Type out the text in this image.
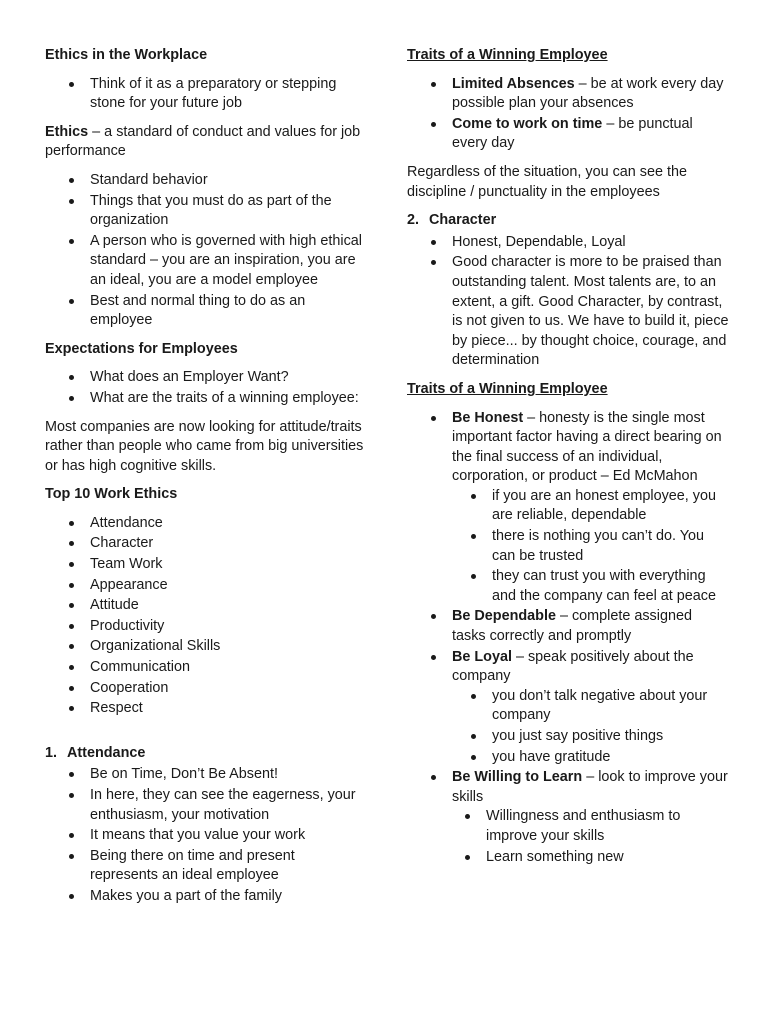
Ethics in the Workplace
Think of it as a preparatory or stepping stone for your future job
Ethics – a standard of conduct and values for job performance
Standard behavior
Things that you must do as part of the organization
A person who is governed with high ethical standard – you are an inspiration, you are an ideal, you are a model employee
Best and normal thing to do as an employee
Expectations for Employees
What does an Employer Want?
What are the traits of a winning employee:
Most companies are now looking for attitude/traits rather than people who came from big universities or has high cognitive skills.
Top 10 Work Ethics
Attendance
Character
Team Work
Appearance
Attitude
Productivity
Organizational Skills
Communication
Cooperation
Respect
1. Attendance
Be on Time, Don’t Be Absent!
In here, they can see the eagerness, your enthusiasm, your motivation
It means that you value your work
Being there on time and present represents an ideal employee
Makes you a part of the family
Traits of a Winning Employee
Limited Absences – be at work every day possible plan your absences
Come to work on time – be punctual every day
Regardless of the situation, you can see the discipline / punctuality in the employees
2. Character
Honest, Dependable, Loyal
Good character is more to be praised than outstanding talent. Most talents are, to an extent, a gift. Good Character, by contrast, is not given to us. We have to build it, piece by piece... by thought choice, courage, and determination
Traits of a Winning Employee
Be Honest – honesty is the single most important factor having a direct bearing on the final success of an individual, corporation, or product – Ed McMahon
if you are an honest employee, you are reliable, dependable
there is nothing you can’t do. You can be trusted
they can trust you with everything and the company can feel at peace
Be Dependable – complete assigned tasks correctly and promptly
Be Loyal – speak positively about the company
you don’t talk negative about your company
you just say positive things
you have gratitude
Be Willing to Learn – look to improve your skills
Willingness and enthusiasm to improve your skills
Learn something new
